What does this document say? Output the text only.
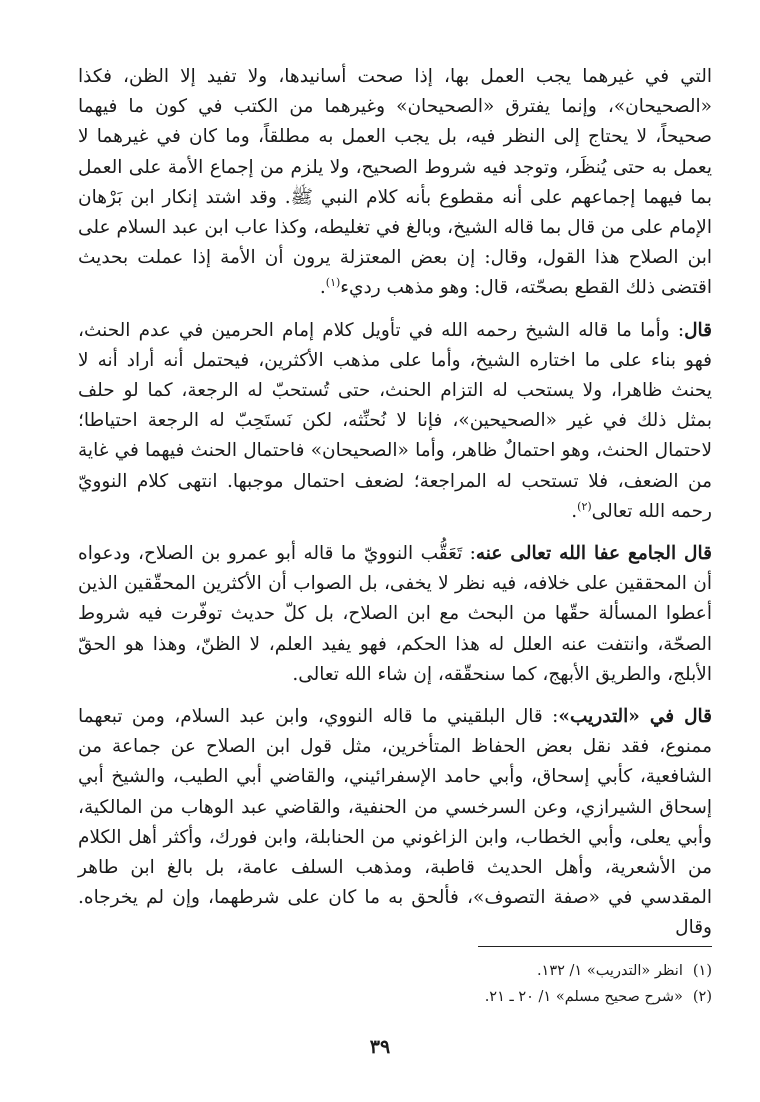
التي في غيرهما يجب العمل بها، إذا صحت أسانيدها، ولا تفيد إلا الظن، فكذا «الصحيحان»، وإنما يفترق «الصحيحان» وغيرهما من الكتب في كون ما فيهما صحيحاً، لا يحتاج إلى النظر فيه، بل يجب العمل به مطلقاً، وما كان في غيرهما لا يعمل به حتى يُنظَر، وتوجد فيه شروط الصحيح، ولا يلزم من إجماع الأمة على العمل بما فيهما إجماعهم على أنه مقطوع بأنه كلام النبي ﷺ. وقد اشتد إنكار ابن بَرْهان الإمام على من قال بما قاله الشيخ، وبالغ في تغليطه، وكذا عاب ابن عبد السلام على ابن الصلاح هذا القول، وقال: إن بعض المعتزلة يرون أن الأمة إذا عملت بحديث اقتضى ذلك القطع بصحّته، قال: وهو مذهب رديء$^{(١)}$.

قال: وأما ما قاله الشيخ رحمه الله في تأويل كلام إمام الحرمين في عدم الحنث، فهو بناء على ما اختاره الشيخ، وأما على مذهب الأكثرين، فيحتمل أنه أراد أنه لا يحنث ظاهرا، ولا يستحب له التزام الحنث، حتى تُستحبّ له الرجعة، كما لو حلف بمثل ذلك في غير «الصحيحين»، فإنا لا نُحنِّثه، لكن نَستَحِبّ له الرجعة احتياطا؛ لاحتمال الحنث، وهو احتمالٌ ظاهر، وأما «الصحيحان» فاحتمال الحنث فيهما في غاية من الضعف، فلا تستحب له المراجعة؛ لضعف احتمال موجبها. انتهى كلام النوويّ رحمه الله تعالى$^{(٢)}$.

قال الجامع عفا الله تعالى عنه: تَعَقُّب النوويّ ما قاله أبو عمرو بن الصلاح، ودعواه أن المحققين على خلافه، فيه نظر لا يخفى، بل الصواب أن الأكثرين المحقّقين الذين أعطوا المسألة حقّها من البحث مع ابن الصلاح، بل كلّ حديث توفّرت فيه شروط الصحّة، وانتفت عنه العلل له هذا الحكم، فهو يفيد العلم، لا الظنّ، وهذا هو الحقّ الأبلج، والطريق الأبهج، كما سنحقّقه، إن شاء الله تعالى.

قال في «التدريب»: قال البلقيني ما قاله النووي، وابن عبد السلام، ومن تبعهما ممنوع، فقد نقل بعض الحفاظ المتأخرين، مثل قول ابن الصلاح عن جماعة من الشافعية، كأبي إسحاق، وأبي حامد الإسفرائيني، والقاضي أبي الطيب، والشيخ أبي إسحاق الشيرازي، وعن السرخسي من الحنفية، والقاضي عبد الوهاب من المالكية، وأبي يعلى، وأبي الخطاب، وابن الزاغوني من الحنابلة، وابن فورك، وأكثر أهل الكلام من الأشعرية، وأهل الحديث قاطبة، ومذهب السلف عامة، بل بالغ ابن طاهر المقدسي في «صفة التصوف»، فألحق به ما كان على شرطهما، وإن لم يخرجاه. وقال

(١)انظر «التدريب» ١/ ١٣٢.

(٢)«شرح صحيح مسلم» ١/ ٢٠ ـ ٢١.

٣٩
